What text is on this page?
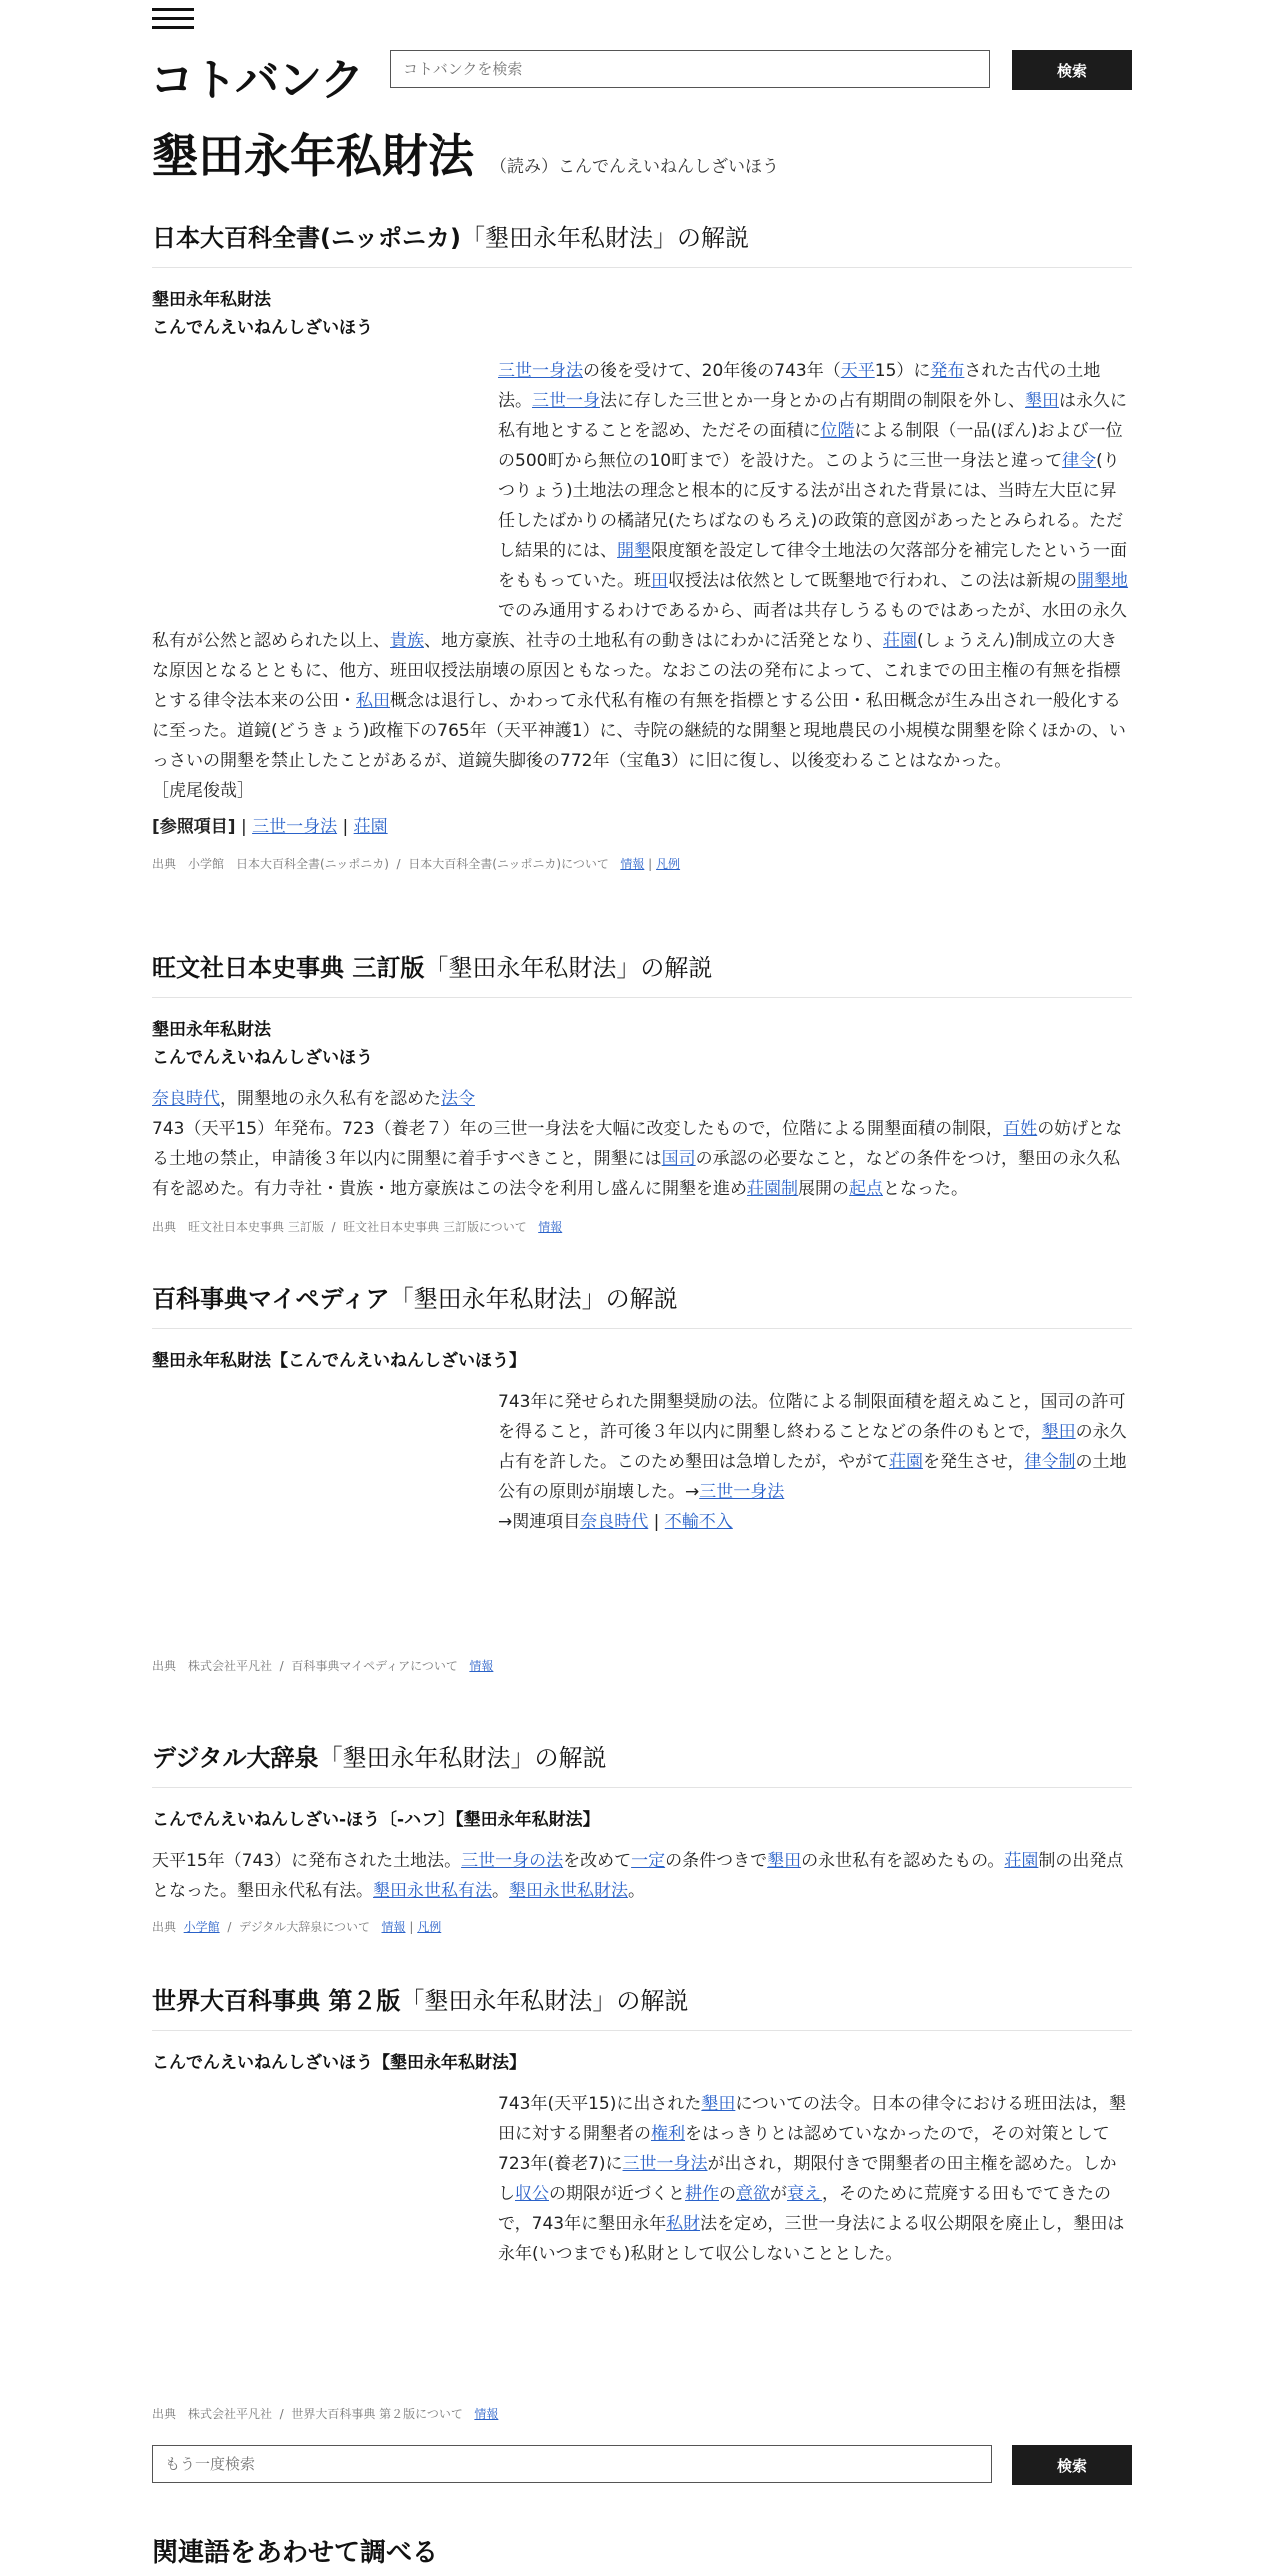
コトバンク
コトバンクを検索	検索
墾田永年私財法 （読み）こんでんえいねんしざいほう
日本大百科全書(ニッポニカ)「墾田永年私財法」の解説
墾田永年私財法
こんでんえいねんしざいほう
三世一身法の後を受けて、20年後の743年（天平15）に発布された古代の土地法。三世一身法に存した三世とか一身とかの占有期間の制限を外し、墾田は永久に私有地とすることを認め、ただその面積に位階による制限（一品(ぽん)および一位の500町から無位の10町まで）を設けた。このように三世一身法と違って律令(りつりょう)土地法の理念と根本的に反する法が出された背景には、当時左大臣に昇任したばかりの橘諸兄(たちばなのもろえ)の政策的意図があったとみられる。ただし結果的には、開墾限度額を設定して律令土地法の欠落部分を補完したという一面をももっていた。班田収授法は依然として既墾地で行われ、この法は新規の開墾地でのみ通用するわけであるから、両者は共存しうるものではあったが、水田の永久私有が公然と認められた以上、貴族、地方豪族、社寺の土地私有の動きはにわかに活発となり、荘園(しょうえん)制成立の大きな原因となるとともに、他方、班田収授法崩壊の原因ともなった。なおこの法の発布によって、これまでの田主権の有無を指標とする律令法本来の公田・私田概念は退行し、かわって永代私有権の有無を指標とする公田・私田概念が生み出され一般化するに至った。道鏡(どうきょう)政権下の765年（天平神護1）に、寺院の継続的な開墾と現地農民の小規模な開墾を除くほかの、いっさいの開墾を禁止したことがあるが、道鏡失脚後の772年（宝亀3）に旧に復し、以後変わることはなかった。
［虎尾俊哉］
[参照項目] | 三世一身法 | 荘園
出典　小学館　日本大百科全書(ニッポニカ) / 日本大百科全書(ニッポニカ)について 情報 | 凡例
旺文社日本史事典 三訂版「墾田永年私財法」の解説
墾田永年私財法
こんでんえいねんしざいほう
奈良時代，開墾地の永久私有を認めた法令
743（天平15）年発布。723（養老７）年の三世一身法を大幅に改変したもので，位階による開墾面積の制限，百姓の妨げとなる土地の禁止，申請後３年以内に開墾に着手すべきこと，開墾には国司の承認の必要なこと，などの条件をつけ，墾田の永久私有を認めた。有力寺社・貴族・地方豪族はこの法令を利用し盛んに開墾を進め荘園制展開の起点となった。
出典　旺文社日本史事典 三訂版 / 旺文社日本史事典 三訂版について 情報
百科事典マイペディア「墾田永年私財法」の解説
墾田永年私財法【こんでんえいねんしざいほう】
743年に発せられた開墾奨励の法。位階による制限面積を超えぬこと，国司の許可を得ること，許可後３年以内に開墾し終わることなどの条件のもとで，墾田の永久占有を許した。このため墾田は急増したが，やがて荘園を発生させ，律令制の土地公有の原則が崩壊した。→三世一身法
→関連項目奈良時代 | 不輸不入
出典　株式会社平凡社 / 百科事典マイペディアについて 情報
デジタル大辞泉「墾田永年私財法」の解説
こんでんえいねんしざい‐ほう〔‐ハフ〕【墾田永年私財法】
天平15年（743）に発布された土地法。三世一身の法を改めて一定の条件つきで墾田の永世私有を認めたもの。荘園制の出発点となった。墾田永代私有法。墾田永世私有法。墾田永世私財法。
出典 小学館 / デジタル大辞泉について 情報 | 凡例
世界大百科事典 第２版「墾田永年私財法」の解説
こんでんえいねんしざいほう【墾田永年私財法】
743年(天平15)に出された墾田についての法令。日本の律令における班田法は，墾田に対する開墾者の権利をはっきりとは認めていなかったので，その対策として723年(養老7)に三世一身法が出され，期限付きで開墾者の田主権を認めた。しかし収公の期限が近づくと耕作の意欲が衰え，そのために荒廃する田もでてきたので，743年に墾田永年私財法を定め，三世一身法による収公期限を廃止し，墾田は永年(いつまでも)私財として収公しないこととした。
出典　株式会社平凡社 / 世界大百科事典 第２版について 情報
もう一度検索
検索
関連語をあわせて調べる
